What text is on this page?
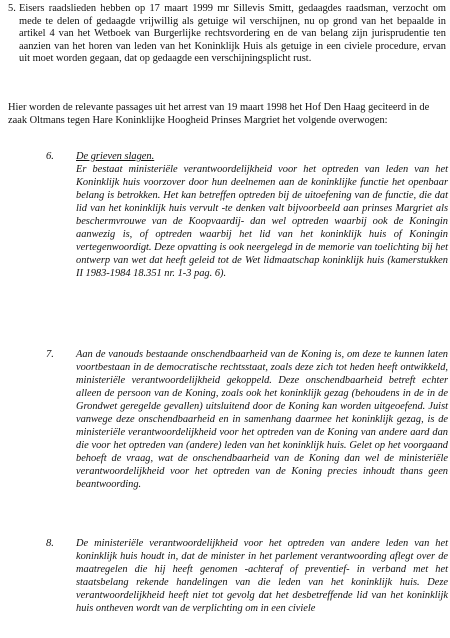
5. Eisers raadslieden hebben op 17 maart 1999 mr Sillevis Smitt, gedaagdes raadsman, verzocht om mede te delen of gedaagde vrijwillig als getuige wil verschijnen, nu op grond van het bepaalde in artikel 4 van het Wetboek van Burgerlijke rechtsvordering en de van belang zijn jurisprudentie ten aanzien van het horen van leden van het Koninklijk Huis als getuige in een civiele procedure, ervan uit moet worden gegaan, dat op gedaagde een verschijningsplicht rust.
Hier worden de relevante passages uit het arrest van 19 maart 1998 het Hof Den Haag geciteerd in de zaak Oltmans tegen Hare Koninklijke Hoogheid Prinses Margriet het volgende overwogen:
6.	De grieven slagen.
Er bestaat ministeriële verantwoordelijkheid voor het optreden van leden van het Koninklijk huis voorzover door hun deelnemen aan de koninklijke functie het openbaar belang is betrokken. Het kan betreffen optreden bij de uitoefening van de functie, die dat lid van het koninklijk huis vervult -te denken valt bijvoorbeeld aan prinses Margriet als beschermvrouwe van de Koopvaardij- dan wel optreden waarbij ook de Koningin aanwezig is, of optreden waarbij het lid van het koninklijk huis of Koningin vertegenwoordigt. Deze opvatting is ook neergelegd in de memorie van toelichting bij het ontwerp van wet dat heeft geleid tot de Wet lidmaatschap koninklijk huis (kamerstukken II 1983-1984 18.351 nr. 1-3 pag. 6).
7.	Aan de vanouds bestaande onschendbaarheid van de Koning is, om deze te kunnen laten voortbestaan in de democratische rechtsstaat, zoals deze zich tot heden heeft ontwikkeld, ministeriële verantwoordelijkheid gekoppeld. Deze onschendbaarheid betreft echter alleen de persoon van de Koning, zoals ook het koninklijk gezag (behoudens in de in de Grondwet geregelde gevallen) uitsluitend door de Koning kan worden uitgeoefend. Juist vanwege deze onschendbaarheid en in samenhang daarmee het koninklijk gezag, is de ministeriële verantwoordelijkheid voor het optreden van de Koning van andere aard dan die voor het optreden van (andere) leden van het koninklijk huis. Gelet op het voorgaand behoeft de vraag, wat de onschendbaarheid van de Koning dan wel de ministeriële verantwoordelijkheid voor het optreden van de Koning precies inhoudt thans geen beantwoording.
8.	De ministeriële verantwoordelijkheid voor het optreden van andere leden van het koninklijk huis houdt in, dat de minister in het parlement verantwoording aflegt over de maatregelen die hij heeft genomen -achteraf of preventief- in verband met het staatsbelang rekende handelingen van die leden van het koninklijk huis. Deze verantwoordelijkheid heeft niet tot gevolg dat het desbetreffende lid van het koninklijk huis ontheven wordt van de verplichting om in een civiele
